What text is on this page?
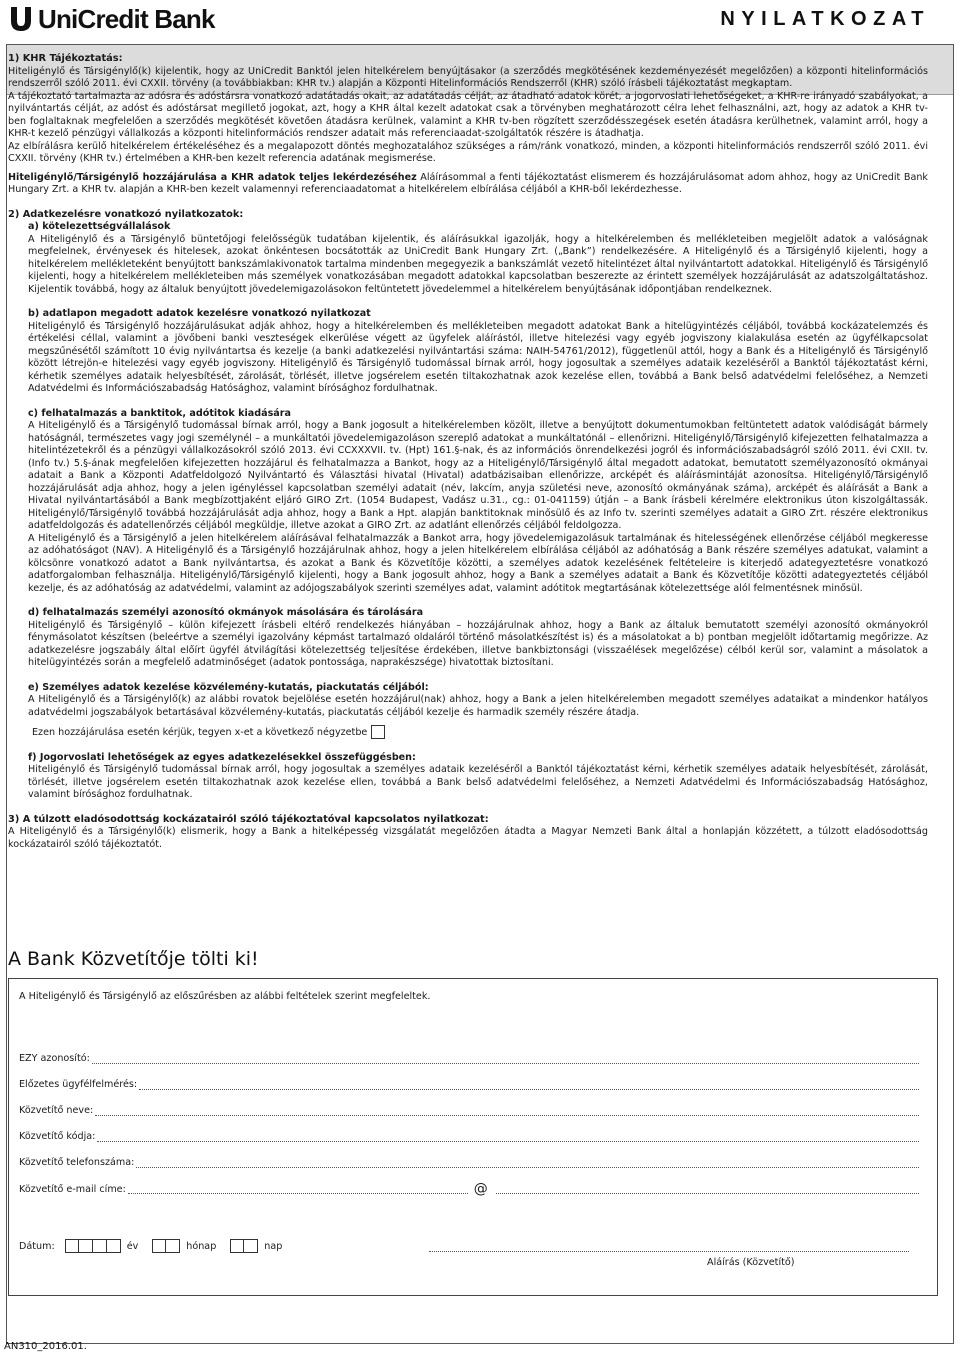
UniCredit Bank	NYILATKOZAT
1) KHR Tájékoztatás:

Hiteligénylő és Társigénylő(k) kijelentik, hogy az UniCredit Banktól jelen hitelkérelem benyújtásakor (a szerződés megkötésének kezdeményezését megelőzően) a központi hitelinformációs rendszerről szóló 2011. évi CXXII. törvény (a továbbiakban: KHR tv.) alapján a Központi Hitelinformációs Rendszerről (KHR) szóló írásbeli tájékoztatást megkaptam.

A tájékoztató tartalmazta az adósra és adóstársra vonatkozó adatátadás okait, az adatátadás célját, az átadható adatok körét, a jogorvoslati lehetőségeket, a KHR-re irányadó szabályokat, a nyilvántartás célját, az adóst és adóstársat megillető jogokat, azt, hogy a KHR által kezelt adatokat csak a törvényben meghatározott célra lehet felhasználni, azt, hogy az adatok a KHR tv-ben foglaltaknak megfelelően a szerződés megkötését követően átadásra kerülnek, valamint a KHR tv-ben rögzített szerződésszegések esetén átadásra kerülhetnek, valamint arról, hogy a KHR-t kezelő pénzügyi vállalkozás a központi hitelinformációs rendszer adatait más referenciaadat-szolgáltatók részére is átadhatja.

Az elbírálásra kerülő hitelkérelem értékeléséhez és a megalapozott döntés meghozatalához szükséges a rám/ránk vonatkozó, minden, a központi hitelinformációs rendszerről szóló 2011. évi CXXII. törvény (KHR tv.) értelmében a KHR-ben kezelt referencia adatának megismerése.

Hiteligénylő/Társigénylő hozzájárulása a KHR adatok teljes lekérdezéséhez Aláírásommal a fenti tájékoztatást elismerem és hozzájárulásomat adom ahhoz, hogy az UniCredit Bank Hungary Zrt. a KHR tv. alapján a KHR-ben kezelt valamennyi referenciaadatomat a hitelkérelem elbírálása céljából a KHR-ből lekérdezhesse.

2) Adatkezelésre vonatkozó nyilatkozatok:
a) kötelezettségvállalások

A Hiteligénylő és a Társigénylő büntetőjogi felelősségük tudatában kijelentik, és aláírásukkal igazolják, hogy a hitelkérelemben és mellékleteiben megjelölt adatok a valóságnak megfelelnek, érvényesek és hitelesek, azokat önkéntesen bocsátották az UniCredit Bank Hungary Zrt. („Bank”) rendelkezésére. A Hiteligénylő és a Társigénylő kijelenti, hogy a hitelkérelem mellékleteként benyújtott bankszámlakivonatok tartalma mindenben megegyezik a bankszámlát vezető hitelintézet által nyilvántartott adatokkal. Hiteligénylő és Társigénylő kijelenti, hogy a hitelkérelem mellékleteiben más személyek vonatkozásában megadott adatokkal kapcsolatban beszerezte az érintett személyek hozzájárulását az adatszolgáltatáshoz. Kijelentik továbbá, hogy az általuk benyújtott jövedelemigazolásokon feltüntetett jövedelemmel a hitelkérelem benyújtásának időpontjában rendelkeznek.

b) adatlapon megadott adatok kezelésre vonatkozó nyilatkozat

Hiteligénylő és Társigénylő hozzájárulásukat adják ahhoz, hogy a hitelkérelemben és mellékleteiben megadott adatokat Bank a hitelügyintézés céljából, továbbá kockázatelemzés és értékelési céllal, valamint a jövőbeni banki veszteségek elkerülése végett az ügyfelek aláírástól, illetve hitelezési vagy egyéb jogviszony kialakulása esetén az ügyfélkapcsolat megszűnésétől számított 10 évig nyilvántartsa és kezelje (a banki adatkezelési nyilvántartási száma: NAIH-54761/2012), függetlenül attól, hogy a Bank és a Hiteligénylő és Társigénylő között létrejön-e hitelezési vagy egyéb jogviszony. Hiteligénylő és Társigénylő tudomással bírnak arról, hogy jogosultak a személyes adataik kezeléséről a Banktól tájékoztatást kérni, kérhetik személyes adataik helyesbítését, zárolását, törlését, illetve jogsérelem esetén tiltakozhatnak azok kezelése ellen, továbbá a Bank belső adatvédelmi felelőséhez, a Nemzeti Adatvédelmi és Információszabadság Hatósághoz, valamint bírósághoz fordulhatnak.

c) felhatalmazás a banktitok, adótitok kiadására

A Hiteligénylő és a Társigénylő tudomással bírnak arról, hogy a Bank jogosult a hitelkérelemben közölt, illetve a benyújtott dokumentumokban feltüntetett adatok valódiságát bármely hatóságnál, természetes vagy jogi személynél – a munkáltatói jövedelemigazoláson szereplő adatokat a munkáltatónál – ellenőrizni. Hiteligénylő/Társigénylő kifejezetten felhatalmazza a hitelintézetekről és a pénzügyi vállalkozásokról szóló 2013. évi CCXXXVII. tv. (Hpt) 161.§-nak, és az információs önrendelkezési jogról és információszabadságról szóló 2011. évi CXII. tv. (Info tv.) 5.§-ának megfelelően kifejezetten hozzájárul és felhatalmazza a Bankot, hogy az a Hiteligénylő/Társigénylő által megadott adatokat, bemutatott személyazonosító okmányai adatait a Bank a Központi Adatfeldolgozó Nyilvántartó és Választási hivatal (Hivatal) adatbázisaiban ellenőrizze, arcképét és aláírásmintáját azonosítsa. Hiteligénylő/Társigénylő hozzájárulását adja ahhoz, hogy a jelen igényléssel kapcsolatban személyi adatait (név, lakcím, anyja születési neve, azonosító okmányának száma), arcképét és aláírását a Bank a Hivatal nyilvántartásából a Bank megbízottjaként eljáró GIRO Zrt. (1054 Budapest, Vadász u.31., cg.: 01-041159) útján – a Bank írásbeli kérelmére elektronikus úton kiszolgáltassák. Hiteligénylő/Társigénylő továbbá hozzájárulását adja ahhoz, hogy a Bank a Hpt. alapján banktitoknak minősülő és az Info tv. szerinti személyes adatait a GIRO Zrt. részére elektronikus adatfeldolgozás és adatellenőrzés céljából megküldje, illetve azokat a GIRO Zrt. az adatlánt ellenőrzés céljából feldolgozza.

A Hiteligénylő és a Társigénylő a jelen hitelkérelem aláírásával felhatalmazzák a Bankot arra, hogy jövedelemigazolásuk tartalmának és hitelességének ellenőrzése céljából megkeresse az adóhatóságot (NAV). A Hiteligénylő és a Társigénylő hozzájárulnak ahhoz, hogy a jelen hitelkérelem elbírálása céljából az adóhatóság a Bank részére személyes adatukat, valamint a kölcsönre vonatkozó adatot a Bank nyilvántartsa, és azokat a Bank és Közvetítője közötti, a személyes adatok kezelésének feltételeire is kiterjedő adategyeztetésre vonatkozó adatforgalomban felhasználja. Hiteligénylő/Társigénylő kijelenti, hogy a Bank jogosult ahhoz, hogy a Bank a személyes adatait a Bank és Közvetítője közötti adategyeztetés céljából kezelje, és az adóhatóság az adatvédelmi, valamint az adójogszabályok szerinti személyes adat, valamint adótitok megtartásának kötelezettsége alól felmentésnek minősül.

d) felhatalmazás személyi azonosító okmányok másolására és tárolására

Hiteligénylő és Társigénylő – külön kifejezett írásbeli eltérő rendelkezés hiányában – hozzájárulnak ahhoz, hogy a Bank az általuk bemutatott személyi azonosító okmányokról fénymásolatot készítsen (beleértve a személyi igazolvány képmást tartalmazó oldaláról történő másolatkészítést is) és a másolatokat a b) pontban megjelölt időtartamig megőrizze. Az adatkezelésre jogszabály által előírt ügyfél átvilágítási kötelezettség teljesítése érdekében, illetve bankbiztonsági (visszaélések megelőzése) célból kerül sor, valamint a másolatok a hitelügyintézés során a megfelelő adatminőséget (adatok pontossága, naprakészsége) hivatottak biztosítani.

e) Személyes adatok kezelése közvélemény-kutatás, piackutatás céljából:

A Hiteligénylő és a Társigénylő(k) az alábbi rovatok bejelölése esetén hozzájárul(nak) ahhoz, hogy a Bank a jelen hitelkérelemben megadott személyes adataikat a mindenkor hatályos adatvédelmi jogszabályok betartásával közvélemény-kutatás, piackutatás céljából kezelje és harmadik személy részére átadja.

Ezen hozzájárulása esetén kérjük, tegyen x-et a következő négyzetbe
f) Jogorvoslati lehetőségek az egyes adatkezelésekkel összefüggésben:

Hiteligénylő és Társigénylő tudomással bírnak arról, hogy jogosultak a személyes adataik kezeléséről a Banktól tájékoztatást kérni, kérhetik személyes adataik helyesbítését, zárolását, törlését, illetve jogsérelem esetén tiltakozhatnak azok kezelése ellen, továbbá a Bank belső adatvédelmi felelőséhez, a Nemzeti Adatvédelmi és Információszabadság Hatósághoz, valamint bírósághoz fordulhatnak.

3) A túlzott eladósodottság kockázatairól szóló tájékoztatóval kapcsolatos nyilatkozat:

A Hiteligénylő és a Társigénylő(k) elismerik, hogy a Bank a hitelképesség vizsgálatát megelőzően átadta a Magyar Nemzeti Bank által a honlapján közzétett, a túlzott eladósodottság kockázatairól szóló tájékoztatót.

A Bank Közvetítője tölti ki!
A Hiteligénylő és Társigénylő az előszűrésben az alábbi feltételek szerint megfeleltek.
EZY azonosító:
Előzetes ügyfélfelmérés:
Közvetítő neve:
Közvetítő kódja:
Közvetítő telefonszáma:
Közvetítő e-mail címe:	@
Dátum:	év	hónap	nap
Aláírás (Közvetítő)
AN310_2016.01.
